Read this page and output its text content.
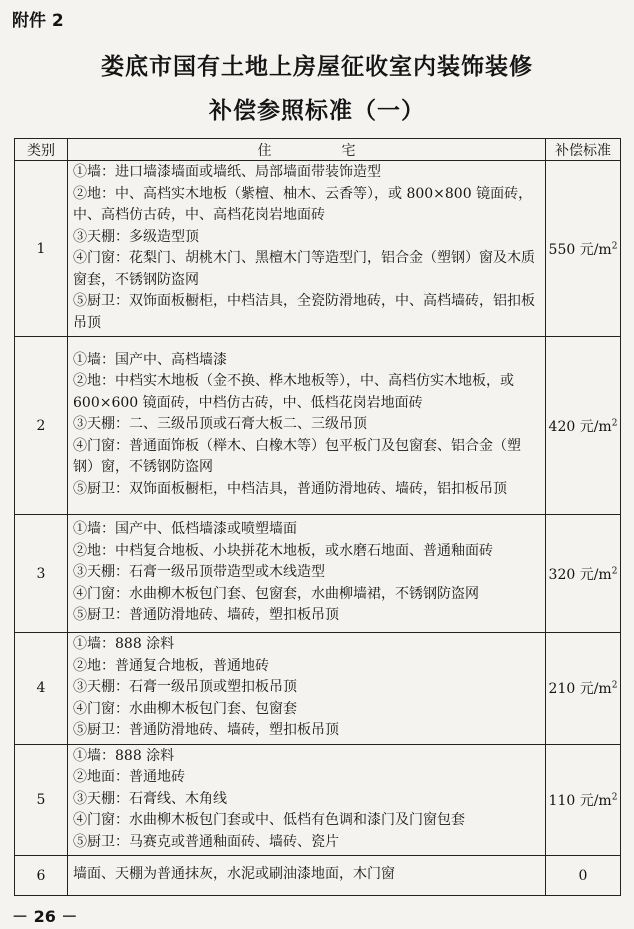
附件 2
娄底市国有土地上房屋征收室内装饰装修
补偿参照标准（一）
类别	住　　　　　宅	补偿标准
1	①墙：进口墙漆墙面或墙纸、局部墙面带装饰造型
②地：中、高档实木地板（紫檀、柚木、云香等），或 800×800 镜面砖，中、高档仿古砖，中、高档花岗岩地面砖
③天棚：多级造型顶
④门窗：花梨门、胡桃木门、黑檀木门等造型门，铝合金（塑钢）窗及木质窗套，不锈钢防盗网
⑤厨卫：双饰面板橱柜，中档洁具，全瓷防滑地砖，中、高档墙砖，铝扣板吊顶	550 元$/m^2$
2	①墙：国产中、高档墙漆
②地：中档实木地板（金不换、桦木地板等），中、高档仿实木地板，或 600×600 镜面砖，中档仿古砖，中、低档花岗岩地面砖
③天棚：二、三级吊顶或石膏大板二、三级吊顶
④门窗：普通面饰板（榉木、白橡木等）包平板门及包窗套、铝合金（塑钢）窗，不锈钢防盗网
⑤厨卫：双饰面板橱柜，中档洁具，普通防滑地砖、墙砖，铝扣板吊顶	420 元$/m^2$
3	①墙：国产中、低档墙漆或喷塑墙面
②地：中档复合地板、小块拼花木地板，或水磨石地面、普通釉面砖
③天棚：石膏一级吊顶带造型或木线造型
④门窗：水曲柳木板包门套、包窗套，水曲柳墙裙，不锈钢防盗网
⑤厨卫：普通防滑地砖、墙砖，塑扣板吊顶	320 元$/m^2$
4	①墙：888 涂料
②地：普通复合地板，普通地砖
③天棚：石膏一级吊顶或塑扣板吊顶
④门窗：水曲柳木板包门套、包窗套
⑤厨卫：普通防滑地砖、墙砖，塑扣板吊顶	210 元$/m^2$
5	①墙：888 涂料
②地面：普通地砖
③天棚：石膏线、木角线
④门窗：水曲柳木板包门套或中、低档有色调和漆门及门窗包套
⑤厨卫：马赛克或普通釉面砖、墙砖、瓷片	110 元$/m^2$
6	墙面、天棚为普通抹灰，水泥或刷油漆地面，木门窗	0
－ 26 －
